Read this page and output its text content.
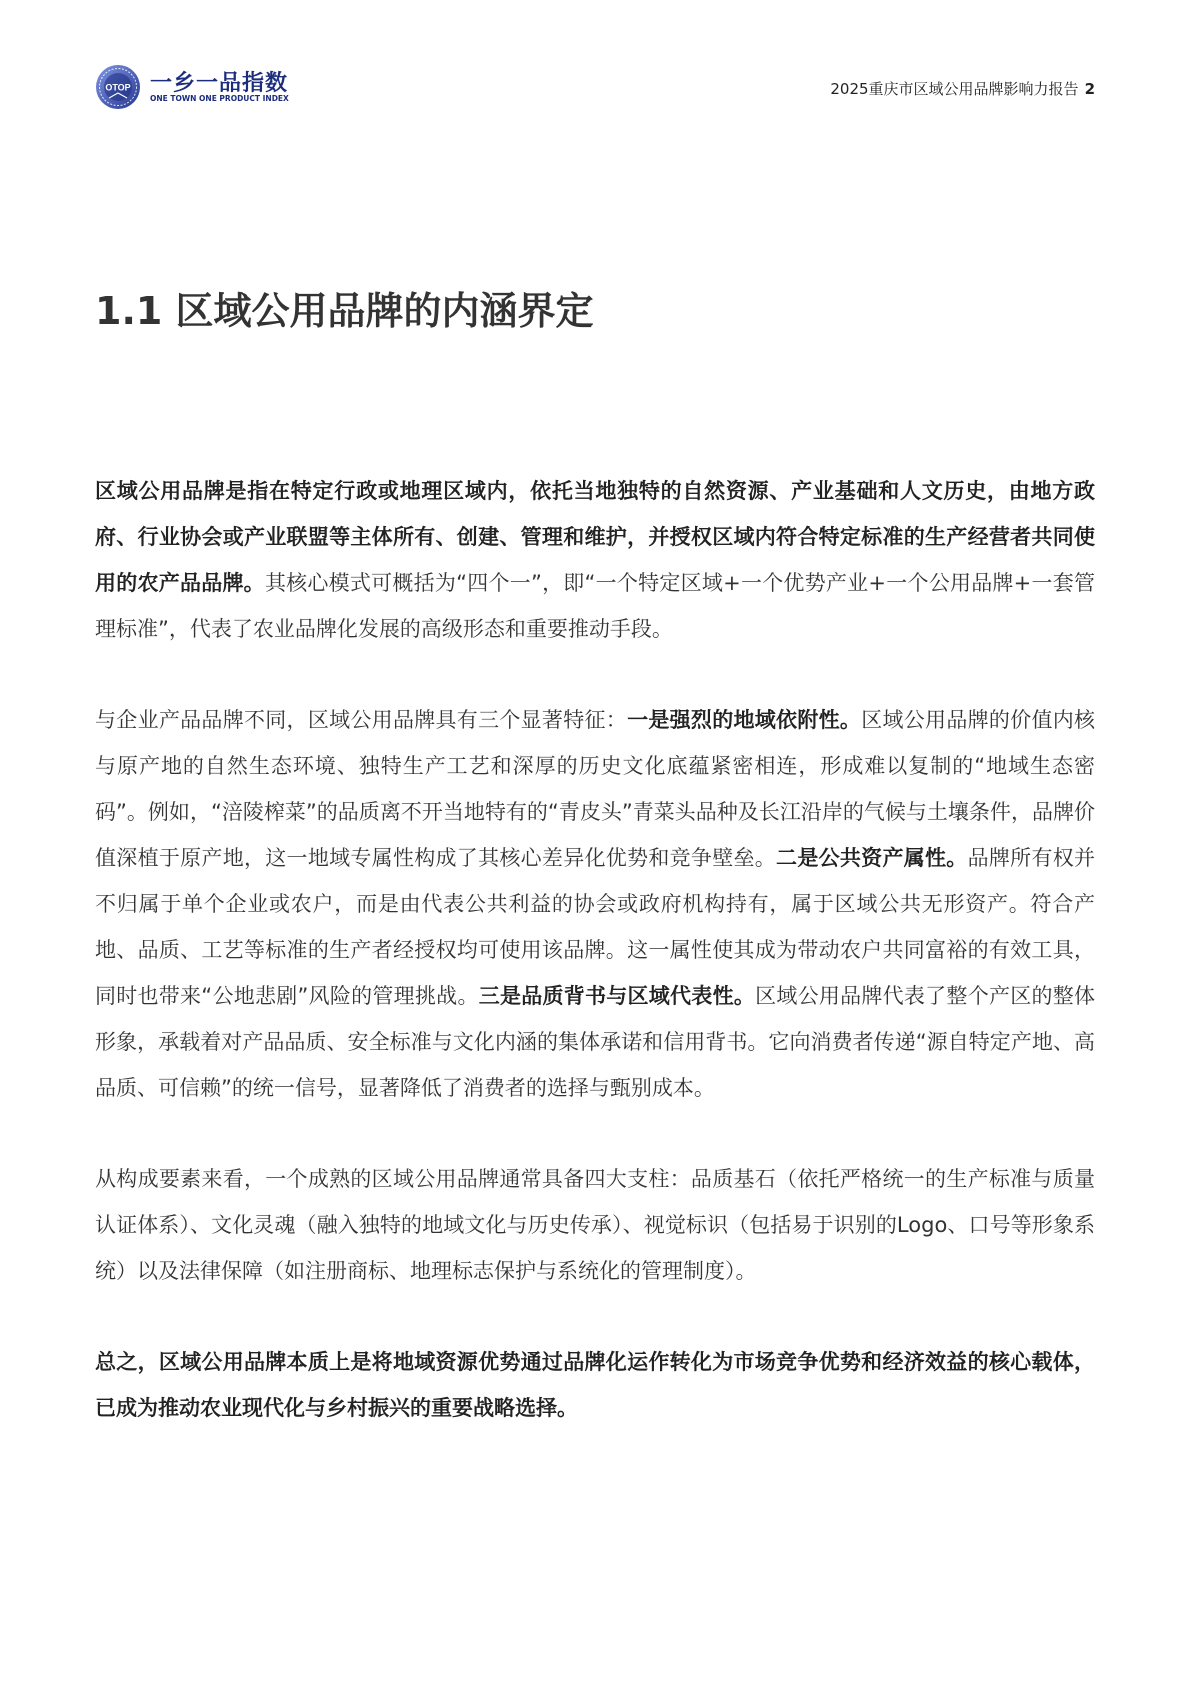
OTOP 一乡一品指数
ONE TOWN ONE PRODUCT INDEX
2025重庆市区域公用品牌影响力报告 2
1.1 区域公用品牌的内涵界定

区域公用品牌是指在特定行政或地理区域内，依托当地独特的自然资源、产业基础和人文历史，由地方政府、行业协会或产业联盟等主体所有、创建、管理和维护，并授权区域内符合特定标准的生产经营者共同使用的农产品品牌。其核心模式可概括为“四个一”，即“一个特定区域+一个优势产业+一个公用品牌+一套管理标准”，代表了农业品牌化发展的高级形态和重要推动手段。

与企业产品品牌不同，区域公用品牌具有三个显著特征：一是强烈的地域依附性。区域公用品牌的价值内核与原产地的自然生态环境、独特生产工艺和深厚的历史文化底蕴紧密相连，形成难以复制的“地域生态密码”。例如，“涪陵榨菜”的品质离不开当地特有的“青皮头”青菜头品种及长江沿岸的气候与土壤条件，品牌价值深植于原产地，这一地域专属性构成了其核心差异化优势和竞争壁垒。二是公共资产属性。品牌所有权并不归属于单个企业或农户，而是由代表公共利益的协会或政府机构持有，属于区域公共无形资产。符合产地、品质、工艺等标准的生产者经授权均可使用该品牌。这一属性使其成为带动农户共同富裕的有效工具，同时也带来“公地悲剧”风险的管理挑战。三是品质背书与区域代表性。区域公用品牌代表了整个产区的整体形象，承载着对产品品质、安全标准与文化内涵的集体承诺和信用背书。它向消费者传递“源自特定产地、高品质、可信赖”的统一信号，显著降低了消费者的选择与甄别成本。

从构成要素来看，一个成熟的区域公用品牌通常具备四大支柱：品质基石（依托严格统一的生产标准与质量认证体系）、文化灵魂（融入独特的地域文化与历史传承）、视觉标识（包括易于识别的Logo、口号等形象系统）以及法律保障（如注册商标、地理标志保护与系统化的管理制度）。

总之，区域公用品牌本质上是将地域资源优势通过品牌化运作转化为市场竞争优势和经济效益的核心载体，已成为推动农业现代化与乡村振兴的重要战略选择。
